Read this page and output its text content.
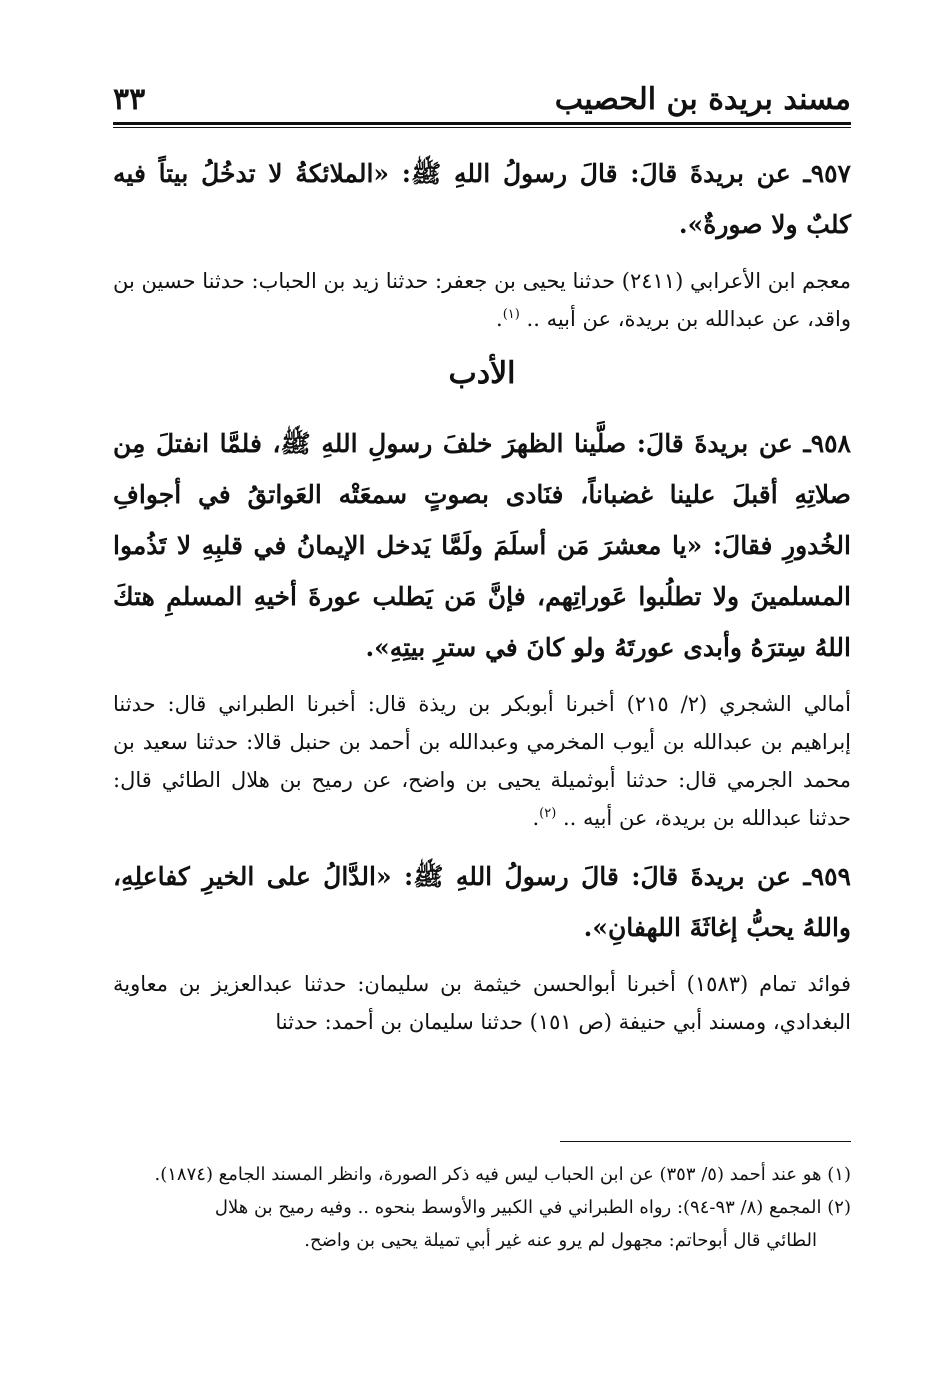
مسند بريدة بن الحصيب
٣٣

٩٥٧ـ عن بريدةَ قالَ: قالَ رسولُ اللهِ ﷺ: «الملائكةُ لا تدخُلُ بيتاً فيه كلبٌ ولا صورةٌ».

معجم ابن الأعرابي (٢٤١١) حدثنا يحيى بن جعفر: حدثنا زيد بن الحباب: حدثنا حسين بن واقد، عن عبدالله بن بريدة، عن أبيه .. $^{(١)}$.

الأدب

٩٥٨ـ عن بريدةَ قالَ: صلَّينا الظهرَ خلفَ رسولِ اللهِ ﷺ، فلمَّا انفتلَ مِن صلاتِهِ أقبلَ علينا غضباناً، فنَادى بصوتٍ سمعَتْه العَواتقُ في أجوافِ الخُدورِ فقالَ: «يا معشرَ مَن أسلَمَ ولَمَّا يَدخل الإيمانُ في قلبِهِ لا تَذُموا المسلمينَ ولا تطلُبوا عَوراتِهم، فإنَّ مَن يَطلب عورةَ أخيهِ المسلمِ هتكَ اللهُ سِترَهُ وأبدى عورتَهُ ولو كانَ في سترِ بيتِهِ».

أمالي الشجري (٢/ ٢١٥) أخبرنا أبوبكر بن ريذة قال: أخبرنا الطبراني قال: حدثنا إبراهيم بن عبدالله بن أيوب المخرمي وعبدالله بن أحمد بن حنبل قالا: حدثنا سعيد بن محمد الجرمي قال: حدثنا أبوثميلة يحيى بن واضح، عن رميح بن هلال الطائي قال: حدثنا عبدالله بن بريدة، عن أبيه .. $^{(٢)}$.

٩٥٩ـ عن بريدةَ قالَ: قالَ رسولُ اللهِ ﷺ: «الدَّالُ على الخيرِ كفاعلِهِ، واللهُ يحبُّ إغاثَةَ اللهفانِ».

فوائد تمام (١٥٨٣) أخبرنا أبوالحسن خيثمة بن سليمان: حدثنا عبدالعزيز بن معاوية البغدادي، ومسند أبي حنيفة (ص ١٥١) حدثنا سليمان بن أحمد: حدثنا

(١) هو عند أحمد (٥/ ٣٥٣) عن ابن الحباب ليس فيه ذكر الصورة، وانظر المسند الجامع (١٨٧٤).

(٢) المجمع (٨/ ٩٣-٩٤): رواه الطبراني في الكبير والأوسط بنحوه .. وفيه رميح بن هلال

الطائي قال أبوحاتم: مجهول لم يرو عنه غير أبي تميلة يحيى بن واضح.
